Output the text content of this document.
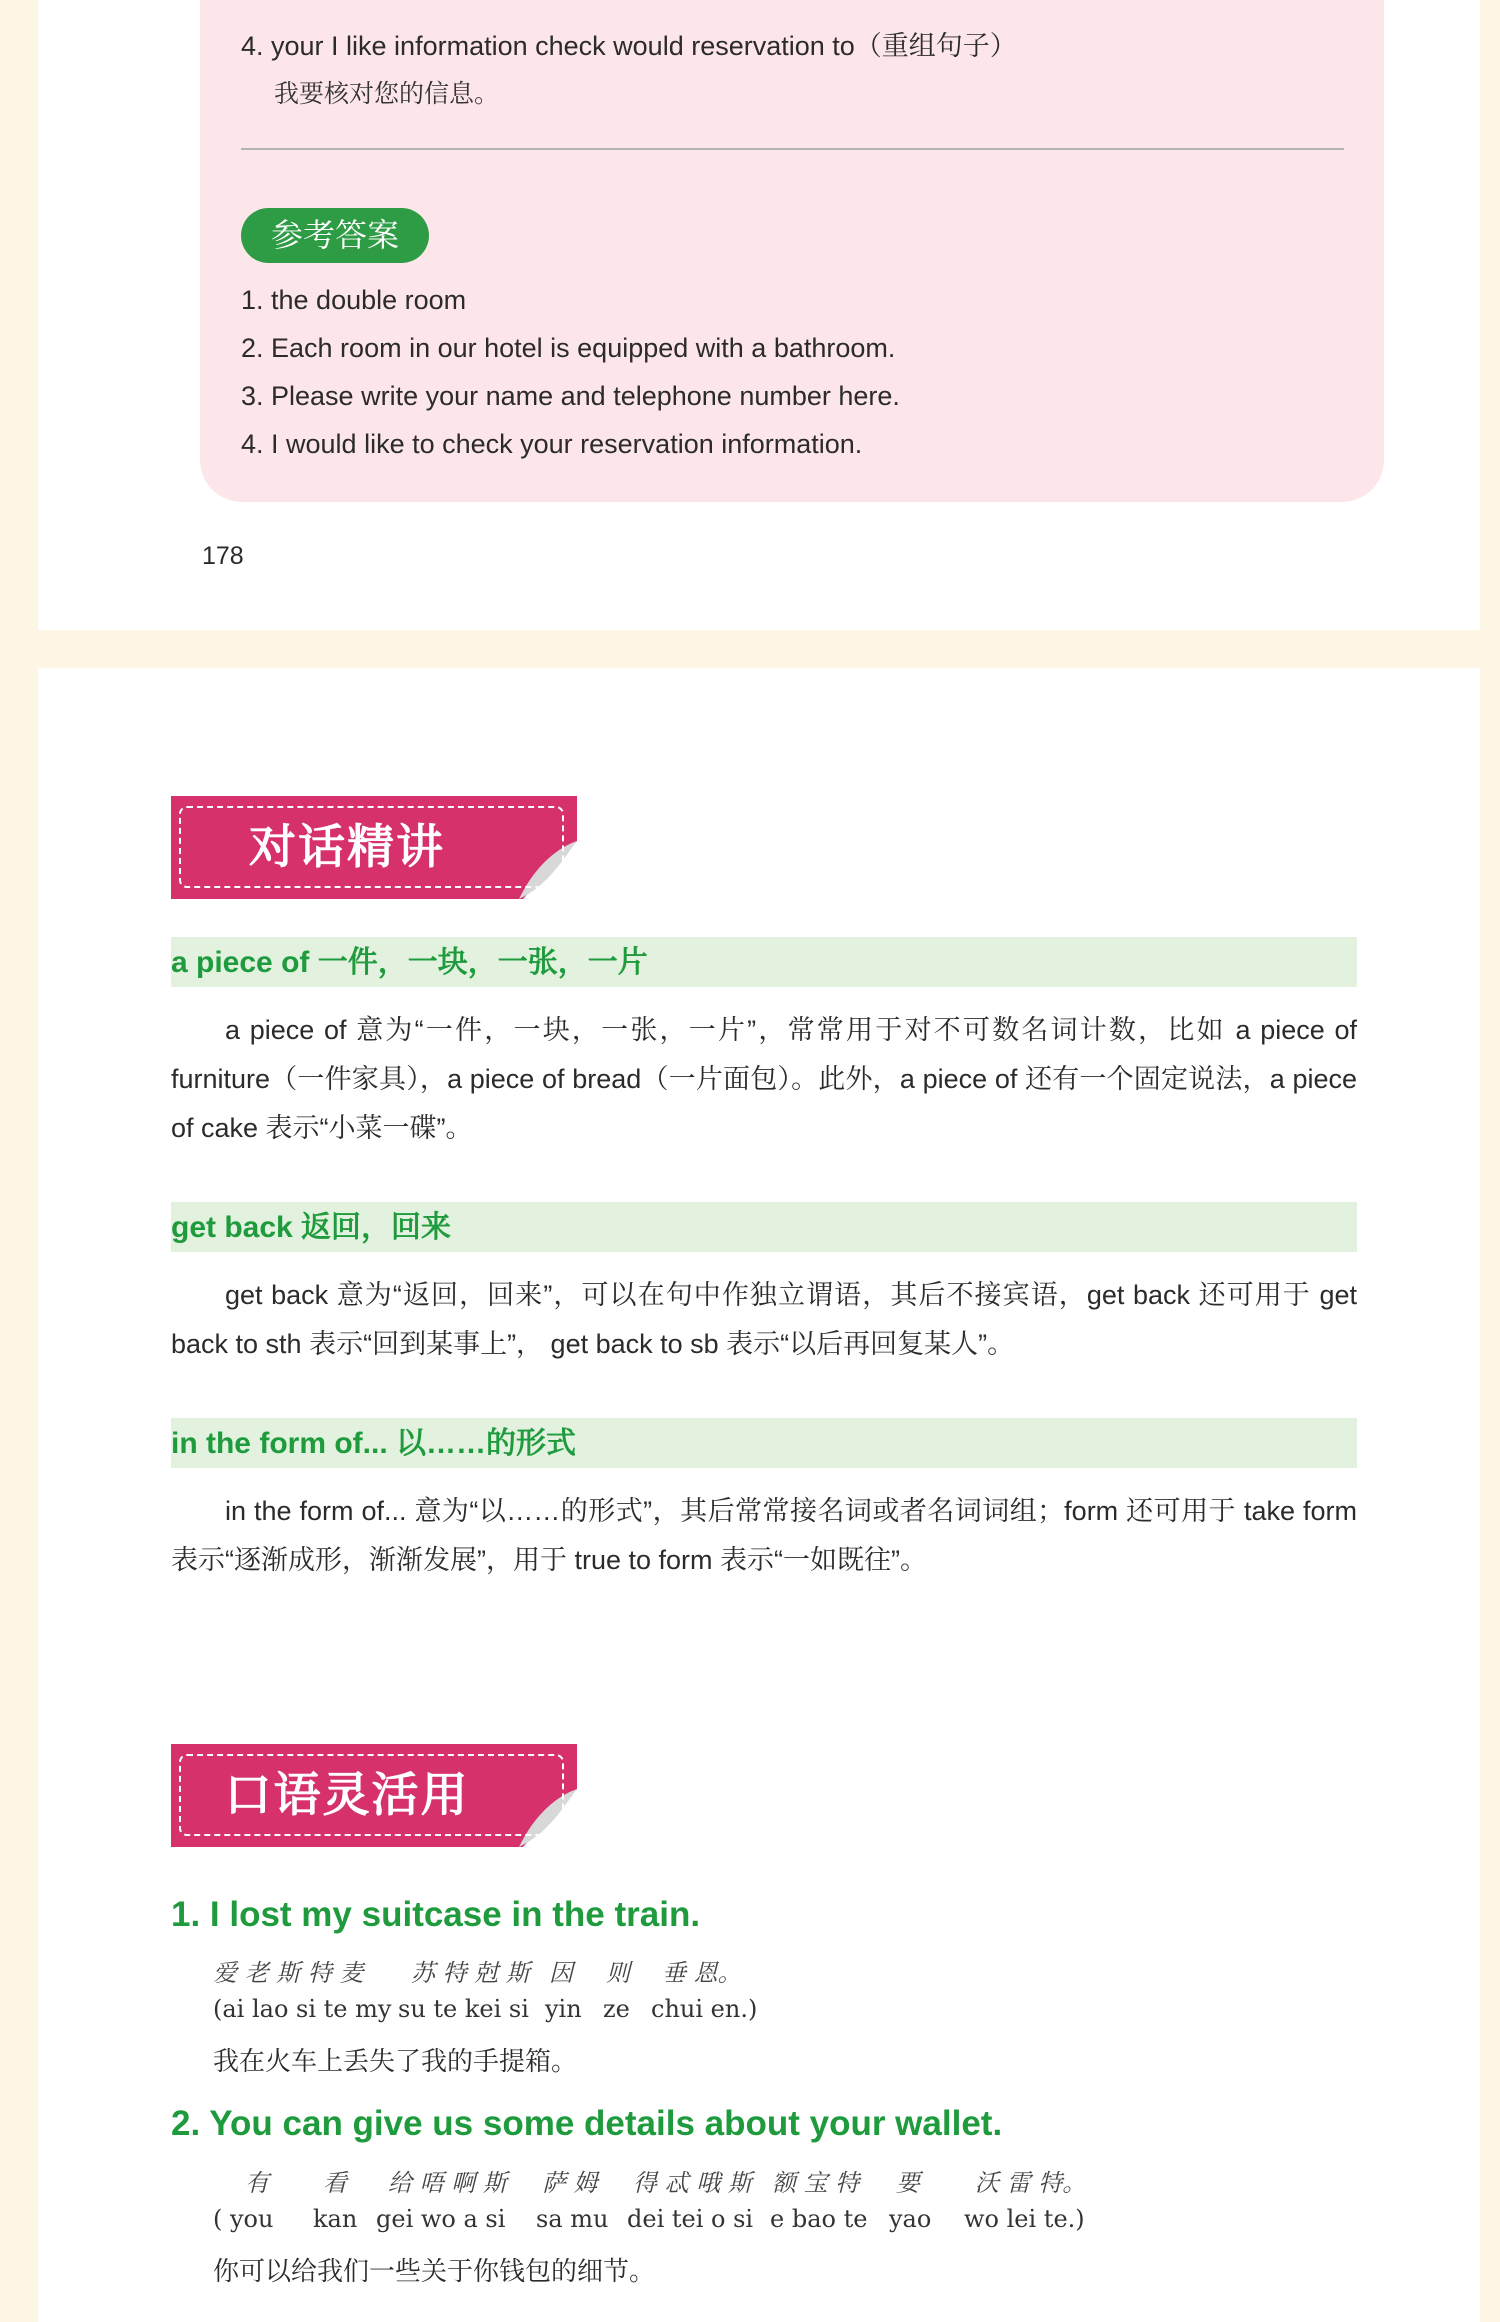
4. your I like information check would reservation to（重组句子）
我要核对您的信息。
参考答案
1. the double room
2. Each room in our hotel is equipped with a bathroom.
3. Please write your name and telephone number here.
4. I would like to check your reservation information.
178
对话精讲
a piece of 一件，一块，一张，一片

a piece of 意为“一件，一块，一张，一片”，常常用于对不可数名词计数，比如 a piece of furniture（一件家具），a piece of bread（一片面包）。此外，a piece of 还有一个固定说法，a piece of cake 表示“小菜一碟”。

get back 返回，回来

get back 意为“返回，回来”，可以在句中作独立谓语，其后不接宾语，get back 还可用于 get back to sth 表示“回到某事上”， get back to sb 表示“以后再回复某人”。

in the form of... 以……的形式

in the form of... 意为“以……的形式”，其后常常接名词或者名词词组；form 还可用于 take form 表示“逐渐成形，渐渐发展”，用于 true to form 表示“一如既往”。

口语灵活用
1. I lost my suitcase in the train.
爱 老 斯 特 麦 苏 特 尅 斯 因 则 垂 恩。
(ai lao si te my su te kei si yin ze chui en.)
我在火车上丢失了我的手提箱。
2. You can give us some details about your wallet.
有 看 给 唔 啊 斯 萨 姆 得 忒 哦 斯 额 宝 特 要 沃 雷 特。
( you kan gei wo a si sa mu dei tei o si e bao te yao wo lei te.)
你可以给我们一些关于你钱包的细节。
